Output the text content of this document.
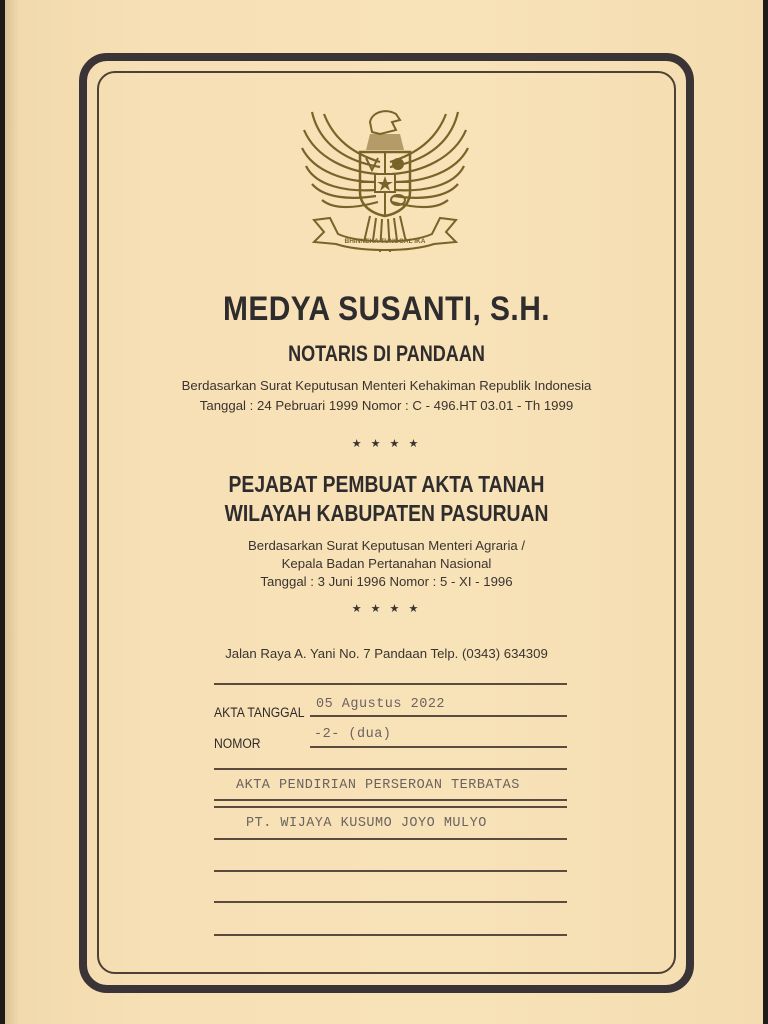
BHINNEKA TUNGGAL IKA
MEDYA SUSANTI, S.H.
NOTARIS DI PANDAAN
Berdasarkan Surat Keputusan Menteri Kehakiman Republik Indonesia
Tanggal : 24 Pebruari 1999 Nomor : C - 496.HT 03.01 - Th 1999
★ ★ ★ ★
PEJABAT PEMBUAT AKTA TANAH
WILAYAH KABUPATEN PASURUAN
Berdasarkan Surat Keputusan Menteri Agraria /
Kepala Badan Pertanahan Nasional
Tanggal : 3 Juni 1996 Nomor : 5 - XI - 1996
★ ★ ★ ★
Jalan Raya A. Yani No. 7 Pandaan Telp. (0343) 634309
AKTA TANGGAL
05 Agustus 2022
NOMOR
-2- (dua)
AKTA PENDIRIAN PERSEROAN TERBATAS
PT. WIJAYA KUSUMO JOYO MULYO
